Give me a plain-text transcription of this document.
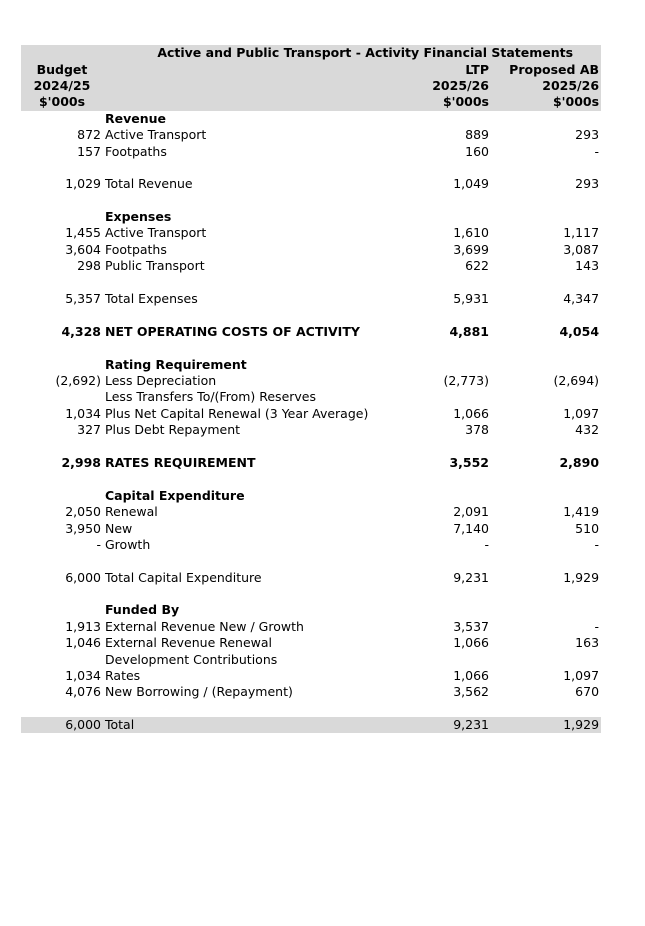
Active and Public Transport - Activity Financial Statements			
Budget		LTP	Proposed AB
2024/25		2025/26	2025/26
$'000s		$'000s	$'000s
	Revenue		
872	Active Transport	889	293
157	Footpaths	160	-

1,029	Total Revenue	1,049	293

	Expenses		
1,455	Active Transport	1,610	1,117
3,604	Footpaths	3,699	3,087
298	Public Transport	622	143

5,357	Total Expenses	5,931	4,347

4,328	NET OPERATING COSTS OF ACTIVITY	4,881	4,054

	Rating Requirement		
(2,692)	Less Depreciation	(2,773)	(2,694)
	Less Transfers To/(From) Reserves		
1,034	Plus Net Capital Renewal (3 Year Average)	1,066	1,097
327	Plus Debt Repayment	378	432

2,998	RATES REQUIREMENT	3,552	2,890

	Capital Expenditure		
2,050	Renewal	2,091	1,419
3,950	New	7,140	510
-	Growth	-	-

6,000	Total Capital Expenditure	9,231	1,929

	Funded By		
1,913	External Revenue New / Growth	3,537	-
1,046	External Revenue Renewal	1,066	163
	Development Contributions		
1,034	Rates	1,066	1,097
4,076	New Borrowing / (Repayment)	3,562	670

6,000	Total	9,231	1,929
